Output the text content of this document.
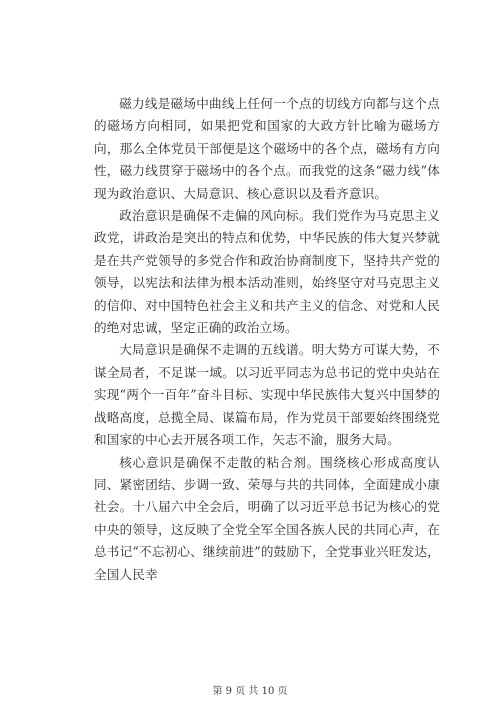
磁力线是磁场中曲线上任何一个点的切线方向都与这个点的磁场方向相同，如果把党和国家的大政方针比喻为磁场方向，那么全体党员干部便是这个磁场中的各个点，磁场有方向性，磁力线贯穿于磁场中的各个点。而我党的这条“磁力线”体现为政治意识、大局意识、核心意识以及看齐意识。

政治意识是确保不走偏的风向标。我们党作为马克思主义政党，讲政治是突出的特点和优势，中华民族的伟大复兴梦就是在共产党领导的多党合作和政治协商制度下，坚持共产党的领导，以宪法和法律为根本活动准则，始终坚守对马克思主义的信仰、对中国特色社会主义和共产主义的信念、对党和人民的绝对忠诚，坚定正确的政治立场。

大局意识是确保不走调的五线谱。明大势方可谋大势，不谋全局者，不足谋一域。以习近平同志为总书记的党中央站在实现“两个一百年”奋斗目标、实现中华民族伟大复兴中国梦的战略高度，总揽全局、谋篇布局，作为党员干部要始终围绕党和国家的中心去开展各项工作，矢志不渝，服务大局。

核心意识是确保不走散的粘合剂。围绕核心形成高度认同、紧密团结、步调一致、荣辱与共的共同体，全面建成小康社会。十八届六中全会后，明确了以习近平总书记为核心的党中央的领导，这反映了全党全军全国各族人民的共同心声，在总书记“不忘初心、继续前进”的鼓励下，全党事业兴旺发达，全国人民幸

第 9 页 共 10 页
